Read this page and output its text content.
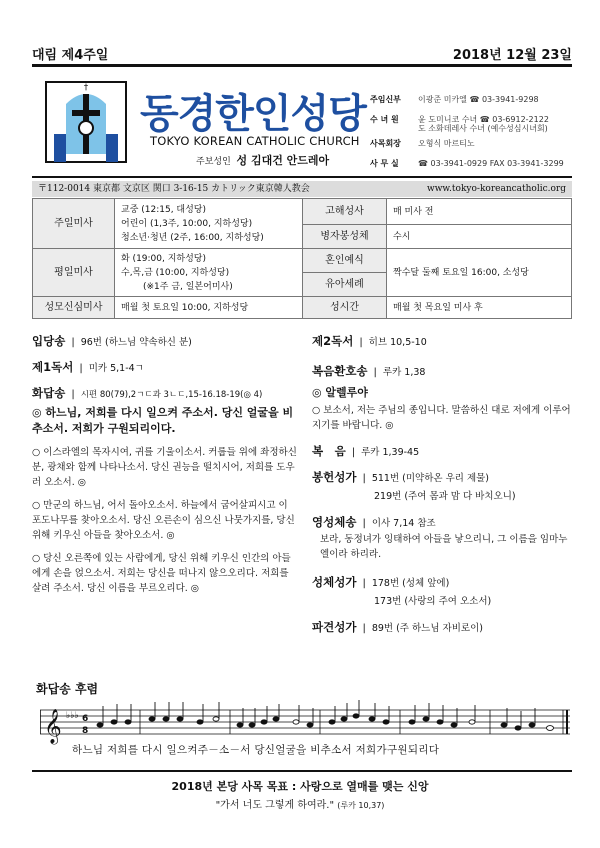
대림 제4주일	2018년 12월 23일
†
동경한인성당
TOKYO KOREAN CATHOLIC CHURCH
주보성인 성 김대건 안드레아
주임신부	이광준 미카엘 ☎ 03-3941-9298
수 녀 원	윤 도미니코 수녀 ☎ 03-6912-2122
도 소화데레사 수녀 (예수성심시녀회)
사목회장	오형식 마르티노
사 무 실	☎ 03-3941-0929 FAX 03-3941-3299
〒112-0014 東京都 文京区 関口 3-16-15 カトリック東京韓人教会	www.tokyo-koreancatholic.org
주일미사	교중 (12:15, 대성당)
어린이 (1,3주, 10:00, 지하성당)
청소년·청년 (2주, 16:00, 지하성당)	고해성사	매 미사 전
		병자봉성체	수시
평일미사	화 (19:00, 지하성당)
수,목,금 (10:00, 지하성당)
(※1주 금, 일본어미사)	혼인예식	짝수달 둘째 토요일 16:00, 소성당
		유아세례	
성모신심미사	매월 첫 토요일 10:00, 지하성당	성시간	매월 첫 목요일 미사 후
입당송 | 96번 (하느님 약속하신 분)
제1독서 | 미카 5,1-4ㄱ
화답송 | 시편 80(79),2ㄱㄷ과 3ㄴㄷ,15-16.18-19(◎ 4)
◎ 하느님, 저희를 다시 일으켜 주소서. 당신 얼굴을 비추소서. 저희가 구원되리이다.
○ 이스라엘의 목자시여, 귀를 기울이소서. 커룹들 위에 좌정하신 분, 광채와 함께 나타나소서. 당신 권능을 떨치시어, 저희를 도우러 오소서. ◎
○ 만군의 하느님, 어서 돌아오소서. 하늘에서 굽어살피시고 이 포도나무를 찾아오소서. 당신 오른손이 심으신 나뭇가지를, 당신 위해 키우신 아들을 찾아오소서. ◎
○ 당신 오른쪽에 있는 사람에게, 당신 위해 키우신 인간의 아들에게 손을 얹으소서. 저희는 당신을 떠나지 않으오리다. 저희를 살려 주소서. 당신 이름을 부르오리다. ◎
제2독서 | 히브 10,5-10
복음환호송 | 루카 1,38
◎ 알렐루야
○ 보소서, 저는 주님의 종입니다. 말씀하신 대로 저에게 이루어지기를 바랍니다. ◎
복　음 | 루카 1,39-45
봉헌성가 | 511번 (미약하온 우리 제물)
219번 (주여 몸과 맘 다 바치오니)
영성체송 | 이사 7,14 참조
보라, 동정녀가 잉태하여 아들을 낳으리니, 그 이름을 임마누엘이라 하리라.
성체성가 | 178번 (성체 앞에)
173번 (사랑의 주여 오소서)
파견성가 | 89번 (주 하느님 자비로이)
화답송 후렴
𝄞 ♭♭♭ 6
8
하느님 저희를 다시 일으켜주－소－서 당신얼굴을 비추소서 저희가구원되리다
2018년 본당 사목 목표 : 사랑으로 열매를 맺는 신앙
"가서 너도 그렇게 하여라." (루카 10,37)
